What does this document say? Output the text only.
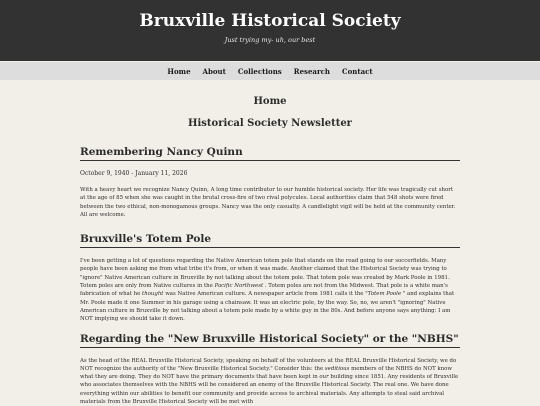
Bruxville Historical Society
Just trying my- uh, our best
Home About Collections Research Contact
Home
Historical Society Newsletter
Remembering Nancy Quinn
October 9, 1940 - January 11, 2026

With a heavy heart we recognize Nancy Quinn, A long time contributor to our humble historical society. Her life was tragically cut short at the age of 85 when she was caught in the brutal cross-fire of two rival polycules. Local authorities claim that 548 shots were fired between the two ethical, non-monogamous groups. Nancy was the only casualty. A candlelight vigil will be held at the community center. All are welcome.

Bruxville's Totem Pole

I've been getting a lot of questions regarding the Native American totem pole that stands on the road going to our soccerfields. Many people have been asking me from what tribe it's from, or when it was made. Another claimed that the Historical Society was trying to "ignore" Native American culture in Bruxville by not talking about the totem pole. That totem pole was created by Mark Poole in 1981. Totem poles are only from Native cultures in the Pacific Northwest . Totem poles are not from the Midwest. That pole is a white man's fabrication of what he thought was Native American culture. A newspaper article from 1981 calls it the "Totem Poole " and explains that Mr. Poole made it one Summer in his garage using a chainsaw. It was an electric pole, by the way. So, no, we aren't "ignoring" Native American culture in Bruxville by not talking about a totem pole made by a white guy in the 80s. And before anyone says anything: I am NOT implying we should take it down.

Regarding the "New Bruxville Historical Society" or the "NBHS"

As the head of the REAL Bruxville Historical Society, speaking on behalf of the volunteers at the REAL Bruxville Historical Society, we do NOT recognize the authority of the "New Bruxville Historical Society." Consider this: the seditious members of the NBHS do NOT know what they are doing. They do NOT have the primary documents that have been kept in our building since 1851. Any residents of Bruxville who associates themselves with the NBHS will be considered an enemy of the Bruxville Historical Society. The real one. We have done everything within our abilities to benefit our community and provide access to archival materials. Any attempts to steal said archival materials from the Bruxville Historical Society will be met with
